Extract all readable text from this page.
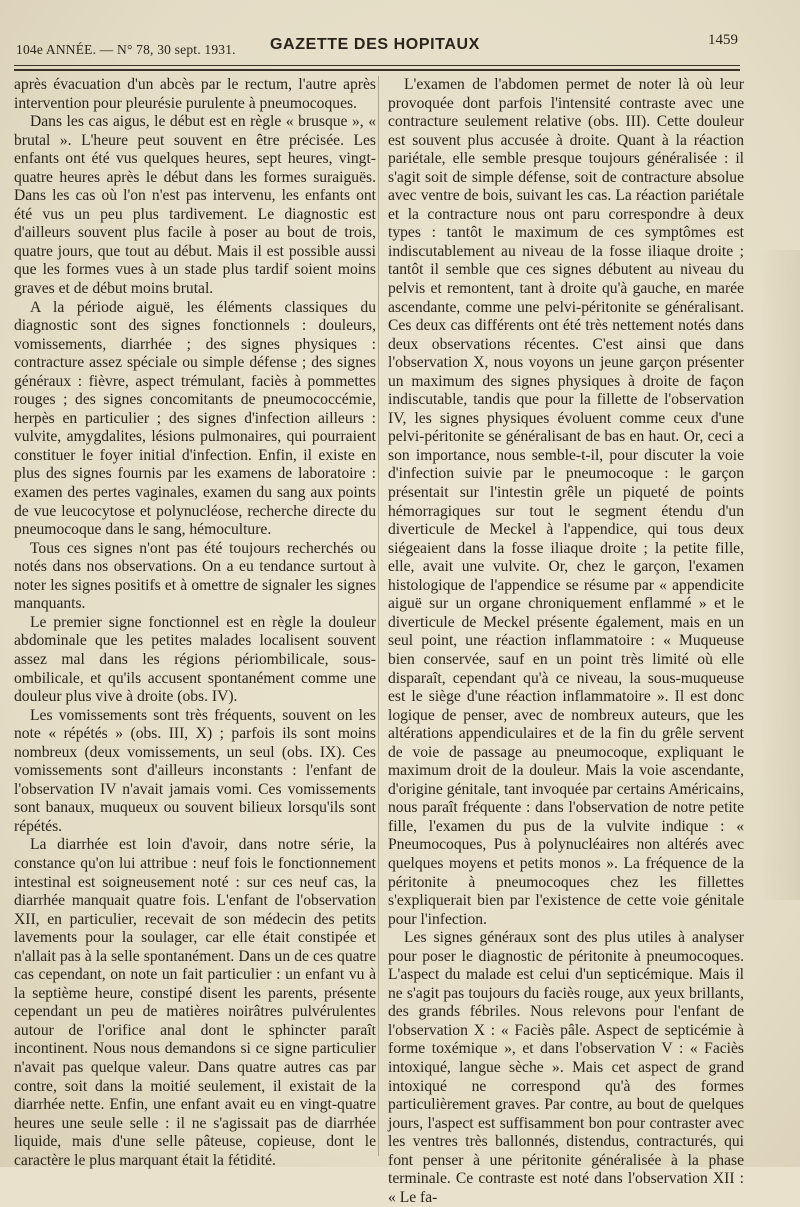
104e ANNÉE. — N° 78, 30 sept. 1931. GAZETTE DES HOPITAUX	1459

après évacuation d'un abcès par le rectum, l'autre après intervention pour pleurésie purulente à pneumocoques.

Dans les cas aigus, le début est en règle « brusque », « brutal ». L'heure peut souvent en être précisée. Les enfants ont été vus quelques heures, sept heures, vingt-quatre heures après le début dans les formes suraiguës. Dans les cas où l'on n'est pas intervenu, les enfants ont été vus un peu plus tardivement. Le diagnostic est d'ailleurs souvent plus facile à poser au bout de trois, quatre jours, que tout au début. Mais il est possible aussi que les formes vues à un stade plus tardif soient moins graves et de début moins brutal.

A la période aiguë, les éléments classiques du diagnostic sont des signes fonctionnels : douleurs, vomissements, diarrhée ; des signes physiques : contracture assez spéciale ou simple défense ; des signes généraux : fièvre, aspect trémulant, faciès à pommettes rouges ; des signes concomitants de pneumococcémie, herpès en particulier ; des signes d'infection ailleurs : vulvite, amygdalites, lésions pulmonaires, qui pourraient constituer le foyer initial d'infection. Enfin, il existe en plus des signes fournis par les examens de laboratoire : examen des pertes vaginales, examen du sang aux points de vue leucocytose et polynucléose, recherche directe du pneumocoque dans le sang, hémoculture.

Tous ces signes n'ont pas été toujours recherchés ou notés dans nos observations. On a eu tendance surtout à noter les signes positifs et à omettre de signaler les signes manquants.

Le premier signe fonctionnel est en règle la douleur abdominale que les petites malades localisent souvent assez mal dans les régions périombilicale, sous-ombilicale, et qu'ils accusent spontanément comme une douleur plus vive à droite (obs. IV).

Les vomissements sont très fréquents, souvent on les note « répétés » (obs. III, X) ; parfois ils sont moins nombreux (deux vomissements, un seul (obs. IX). Ces vomissements sont d'ailleurs inconstants : l'enfant de l'observation IV n'avait jamais vomi. Ces vomissements sont banaux, muqueux ou souvent bilieux lorsqu'ils sont répétés.

La diarrhée est loin d'avoir, dans notre série, la constance qu'on lui attribue : neuf fois le fonctionnement intestinal est soigneusement noté : sur ces neuf cas, la diarrhée manquait quatre fois. L'enfant de l'observation XII, en particulier, recevait de son médecin des petits lavements pour la soulager, car elle était constipée et n'allait pas à la selle spontanément. Dans un de ces quatre cas cependant, on note un fait particulier : un enfant vu à la septième heure, constipé disent les parents, présente cependant un peu de matières noirâtres pulvérulentes autour de l'orifice anal dont le sphincter paraît incontinent. Nous nous demandons si ce signe particulier n'avait pas quelque valeur. Dans quatre autres cas par contre, soit dans la moitié seulement, il existait de la diarrhée nette. Enfin, une enfant avait eu en vingt-quatre heures une seule selle : il ne s'agissait pas de diarrhée liquide, mais d'une selle pâteuse, copieuse, dont le caractère le plus marquant était la fétidité.

L'examen de l'abdomen permet de noter là où leur provoquée dont parfois l'intensité contraste avec une contracture seulement relative (obs. III). Cette douleur est souvent plus accusée à droite. Quant à la réaction pariétale, elle semble presque toujours généralisée : il s'agit soit de simple défense, soit de contracture absolue avec ventre de bois, suivant les cas. La réaction pariétale et la contracture nous ont paru correspondre à deux types : tantôt le maximum de ces symptômes est indiscutablement au niveau de la fosse iliaque droite ; tantôt il semble que ces signes débutent au niveau du pelvis et remontent, tant à droite qu'à gauche, en marée ascendante, comme une pelvi-péritonite se généralisant. Ces deux cas différents ont été très nettement notés dans deux observations récentes. C'est ainsi que dans l'observation X, nous voyons un jeune garçon présenter un maximum des signes physiques à droite de façon indiscutable, tandis que pour la fillette de l'observation IV, les signes physiques évoluent comme ceux d'une pelvi-péritonite se généralisant de bas en haut. Or, ceci a son importance, nous semble-t-il, pour discuter la voie d'infection suivie par le pneumocoque : le garçon présentait sur l'intestin grêle un piqueté de points hémorragiques sur tout le segment étendu d'un diverticule de Meckel à l'appendice, qui tous deux siégeaient dans la fosse iliaque droite ; la petite fille, elle, avait une vulvite. Or, chez le garçon, l'examen histologique de l'appendice se résume par « appendicite aiguë sur un organe chroniquement enflammé » et le diverticule de Meckel présente également, mais en un seul point, une réaction inflammatoire : « Muqueuse bien conservée, sauf en un point très limité où elle disparaît, cependant qu'à ce niveau, la sous-muqueuse est le siège d'une réaction inflammatoire ». Il est donc logique de penser, avec de nombreux auteurs, que les altérations appendiculaires et de la fin du grêle servent de voie de passage au pneumocoque, expliquant le maximum droit de la douleur. Mais la voie ascendante, d'origine génitale, tant invoquée par certains Américains, nous paraît fréquente : dans l'observation de notre petite fille, l'examen du pus de la vulvite indique : « Pneumocoques, Pus à polynucléaires non altérés avec quelques moyens et petits monos ». La fréquence de la péritonite à pneumocoques chez les fillettes s'expliquerait bien par l'existence de cette voie génitale pour l'infection.

Les signes généraux sont des plus utiles à analyser pour poser le diagnostic de péritonite à pneumocoques. L'aspect du malade est celui d'un septicémique. Mais il ne s'agit pas toujours du faciès rouge, aux yeux brillants, des grands fébriles. Nous relevons pour l'enfant de l'observation X : « Faciès pâle. Aspect de septicémie à forme toxémique », et dans l'observation V : « Faciès intoxiqué, langue sèche ». Mais cet aspect de grand intoxiqué ne correspond qu'à des formes particulièrement graves. Par contre, au bout de quelques jours, l'aspect est suffisamment bon pour contraster avec les ventres très ballonnés, distendus, contracturés, qui font penser à une péritonite généralisée à la phase terminale. Ce contraste est noté dans l'observation XII : « Le fa-
